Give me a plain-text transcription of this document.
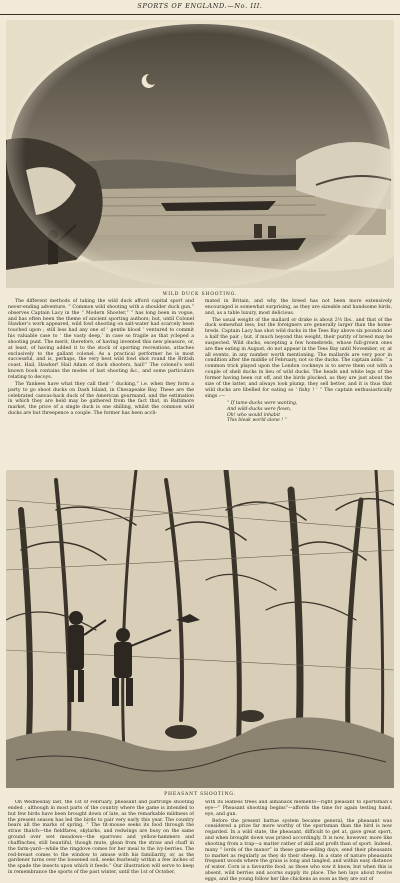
SPORTS OF ENGLAND.—No. III.
WILD DUCK SHOOTING.

The different methods of taking the wild duck afford capital sport and never-ending adventure. “ Common wild shooting with a shoulder duck gun,” observes Captain Lacy in the “ Modern Shooter,” “ has long been in vogue, and has often been the theme of ancient sporting authors; but, until Colonel Hawker’s work appeared, wild fowl shooting on salt-water had scarcely been touched upon ; still less had any one of ‘ gentle blood ’ ventured to commit his valuable case to ‘ the vasty deep,’ in case so fragile as that ycleped a shooting punt. The merit, therefore, of having invented this new pleasure, or, at least, of having added it to the stock of sporting recreations, attaches exclusively to the gallant colonel. As a practical performer he is most successful, and is, perhaps, the very best wild fowl shot round the British coast. Hail, Hawker! Hail Adam of duck shooters, hail!” The colonel’s well known book contains the modes of last shooting &c., and some particulars relating to decoys.

The Yankees have what they call their “ ducking,” i.e. when they form a party to go shoot ducks on Dash Island, in Chesapeake Bay. These are the celebrated canvas-back duck of the American gourmand, and the estimation in which they are held may be gathered from the fact that, in Baltimore market, the price of a single duck is one shilling, whilst the common wild ducks are but threepence a couple. The former has been accli-

mated in Britain, and why the breed has not been more extensively encouraged is somewhat surprising, as they are sizeable and handsome birds, and, as a table luxury, most delicious.

The usual weight of the mallard or drake is about 2½ lbs., and that of the duck somewhat less; but the foreigners are generally larger than the home-breds. Captain Lacy has shot wild ducks in the Tees Bay above six pounds and a half the pair ; but, if much beyond this weight, their purity of breed may be suspected. Wild ducks, excepting a few homebreds, whose full-grown ones are fine eating in August, do not appear in the Tees Bay until November, or, at all events, in any number worth mentioning. The mallards are very poor in condition after the middle of February, not so the ducks. The captain adds: “ a common trick played upon the London cockneys is to serve them out with a couple of shell ducks in lieu of wild ducks. The heads and white legs of the former having been cut off, and the birds plucked, as they are just about the size of the latter, and always look plump, they sell better, and it is thus that wild ducks are libelled for eating so ‘ fishy ! ’ ” The captain enthusiastically sings :—

“ If tame-ducks were wanting,
And wild-ducks were flown,
Oh! who would inhabit
This bleak world alone ! ”
PHEASANT SHOOTING.

On Wednesday last, the 1st of February, pheasant and partridge shooting ended ; although in most parts of the country where the game is intended to but few birds have been brought down of late, as the remarkable mildness of the present season has led the birds to pair very early this year. The country bears all the marks of spring. “ The tit-mouse seeks its food through the straw thatch—the fieldfares, skylarks, and redwings are busy on the same ground over wet meadows—the sparrows and yellow-hammers and chaffinches, still beautiful, though mute, glean from the straw and chaff in the farm-yard—while the ringdove comes for her meal to the ivy-berries. The red-breast comes to the window to amuse with his familiarity, or, as the gardener turns over the loosened soil, seeks fearlessly within a few inches of the spade the insects upon which it feeds.” Our illustration will serve to keep in remembrance the sports of the past winter, until the 1st of October,

with its leafless trees and almanack memento—right pleasant to sportsman’s eye—“ Pheasant shooting begins”—affords the time for again testing hand, eye, and gun.

Before the present battue system became general, the pheasant was considered a prize far more worthy of the sportsman than the bird is now regarded. In a wild state, the pheasant, difficult to get at, gave great sport, and when brought down was prized accordingly. It is now, however, more like shooting from a trap—a matter rather of skill and profit than of sport. Indeed, many “ lords of the manor” in these game-selling days, send their pheasants to market as regularly as they do their sheep. In a state of nature pheasants frequent woods where the grass is long and tangled, and within easy distance of water. Corn is a favourite food, as those who sow it know, but when this is absent, wild berries and acorns supply its place. The hen lays about twelve eggs, and the young follow her like chickens as soon as they are out of
